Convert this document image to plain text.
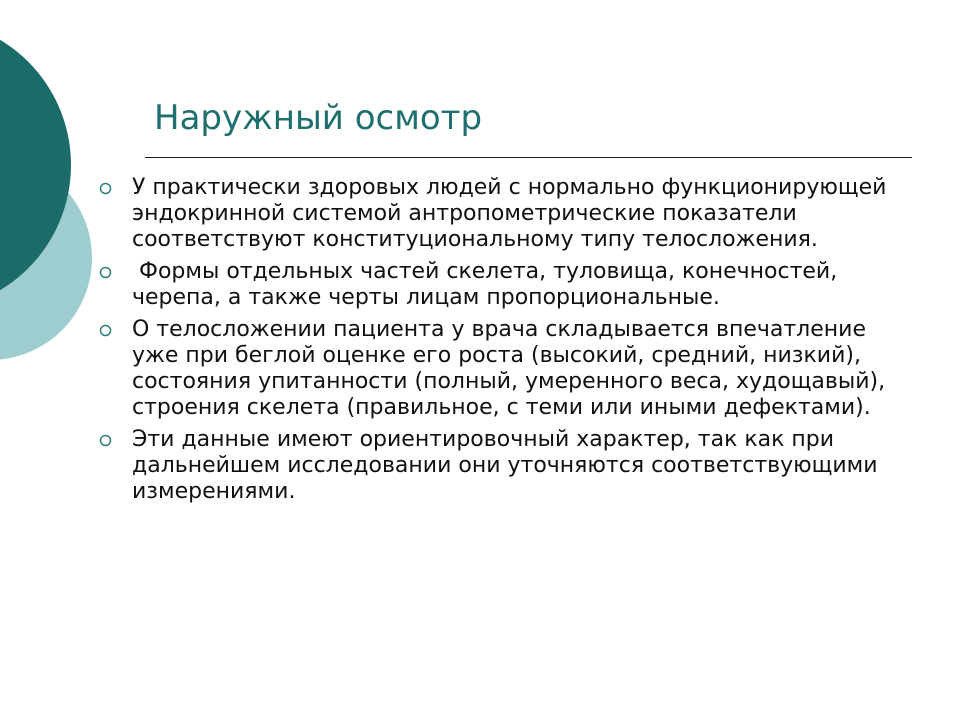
Наружный осмотр
У практически здоровых людей с нормально функционирующей эндокринной системой антропометрические показатели соответствуют конституциональному типу телосложения.
Формы отдельных частей скелета, туловища, конечностей, черепа, а также черты лицам пропорциональные.
О телосложении пациента у врача складывается впечатление уже при беглой оценке его роста (высокий, средний, низкий), состояния упитанности (полный, умеренного веса, худощавый), строения скелета (правильное, с теми или иными дефектами).
Эти данные имеют ориентировочный характер, так как при дальнейшем исследовании они уточняются соответствующими измерениями.
